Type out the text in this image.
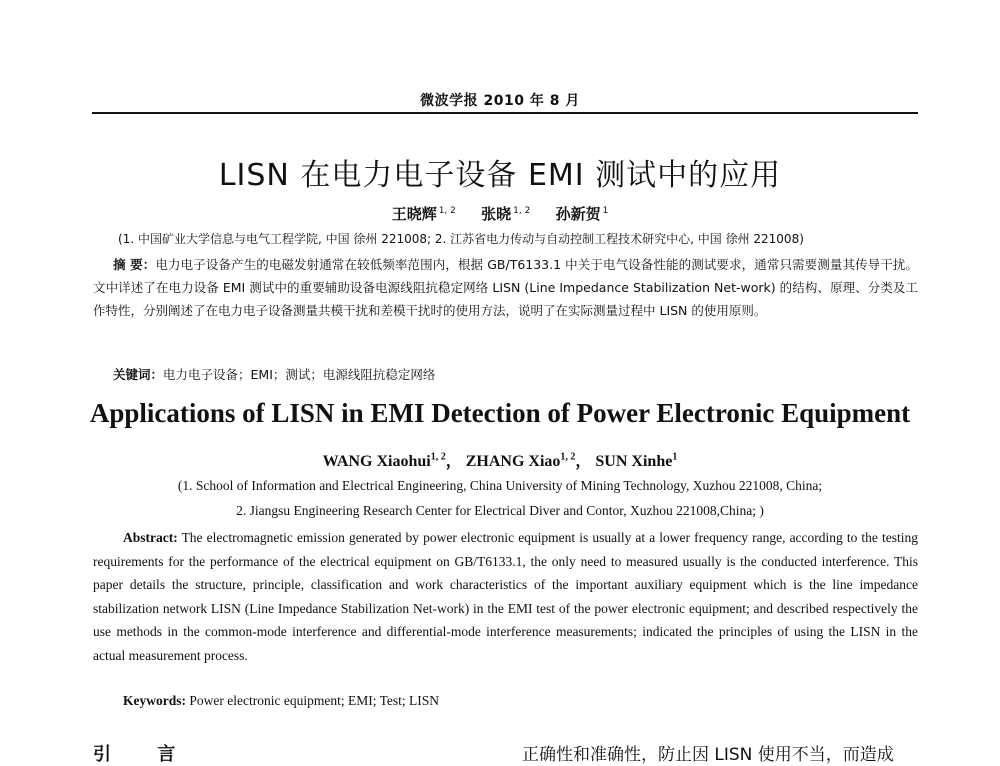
微波学报 2010 年 8 月
LISN 在电力电子设备 EMI 测试中的应用
王晓辉 $^{1, 2}$ 张晓 $^{1, 2}$ 孙新贺 $^1$
(1. 中国矿业大学信息与电气工程学院, 中国 徐州 221008; 2. 江苏省电力传动与自动控制工程技术研究中心, 中国 徐州 221008)
摘 要：电力电子设备产生的电磁发射通常在较低频率范围内，根据 GB/T6133.1 中关于电气设备性能的测试要求，通常只需要测量其传导干扰。文中详述了在电力设备 EMI 测试中的重要辅助设备电源线阻抗稳定网络 LISN (Line Impedance Stabilization Net-work) 的结构、原理、分类及工作特性，分别阐述了在电力电子设备测量共模干扰和差模干扰时的使用方法，说明了在实际测量过程中 LISN 的使用原则。
关键词：电力电子设备；EMI；测试；电源线阻抗稳定网络
Applications of LISN in EMI Detection of Power Electronic Equipment
WANG Xiaohui$^{1, 2}$， ZHANG Xiao$^{1, 2}$， SUN Xinhe$^1$
(1. School of Information and Electrical Engineering, China University of Mining Technology, Xuzhou 221008, China;
2. Jiangsu Engineering Research Center for Electrical Diver and Contor, Xuzhou 221008,China; )
Abstract: The electromagnetic emission generated by power electronic equipment is usually at a lower frequency range, according to the testing requirements for the performance of the electrical equipment on GB/T6133.1, the only need to measured usually is the conducted interference. This paper details the structure, principle, classification and work characteristics of the important auxiliary equipment which is the line impedance stabilization network LISN (Line Impedance Stabilization Net-work) in the EMI test of the power electronic equipment; and described respectively the use methods in the common-mode interference and differential-mode interference measurements; indicated the principles of using the LISN in the actual measurement process.
Keywords: Power electronic equipment; EMI; Test; LISN
引 言	正确性和准确性，防止因 LISN 使用不当，而造成
